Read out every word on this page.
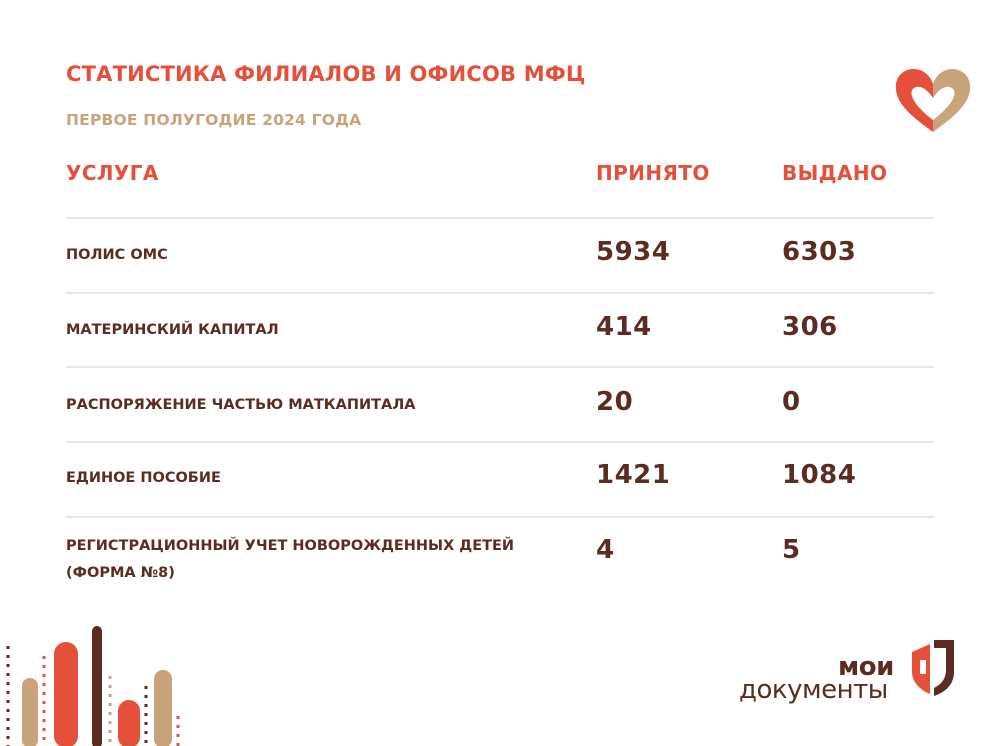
СТАТИСТИКА ФИЛИАЛОВ И ОФИСОВ МФЦ
ПЕРВОЕ ПОЛУГОДИЕ 2024 ГОДА
УСЛУГА	ПРИНЯТО	ВЫДАНО
ПОЛИС ОМС	5934	6303
МАТЕРИНСКИЙ КАПИТАЛ	414	306
РАСПОРЯЖЕНИЕ ЧАСТЬЮ МАТКАПИТАЛА	20	0
ЕДИНОЕ ПОСОБИЕ	1421	1084
РЕГИСТРАЦИОННЫЙ УЧЕТ НОВОРОЖДЕННЫХ ДЕТЕЙ
(ФОРМА №8)
4	5
мои
документы
